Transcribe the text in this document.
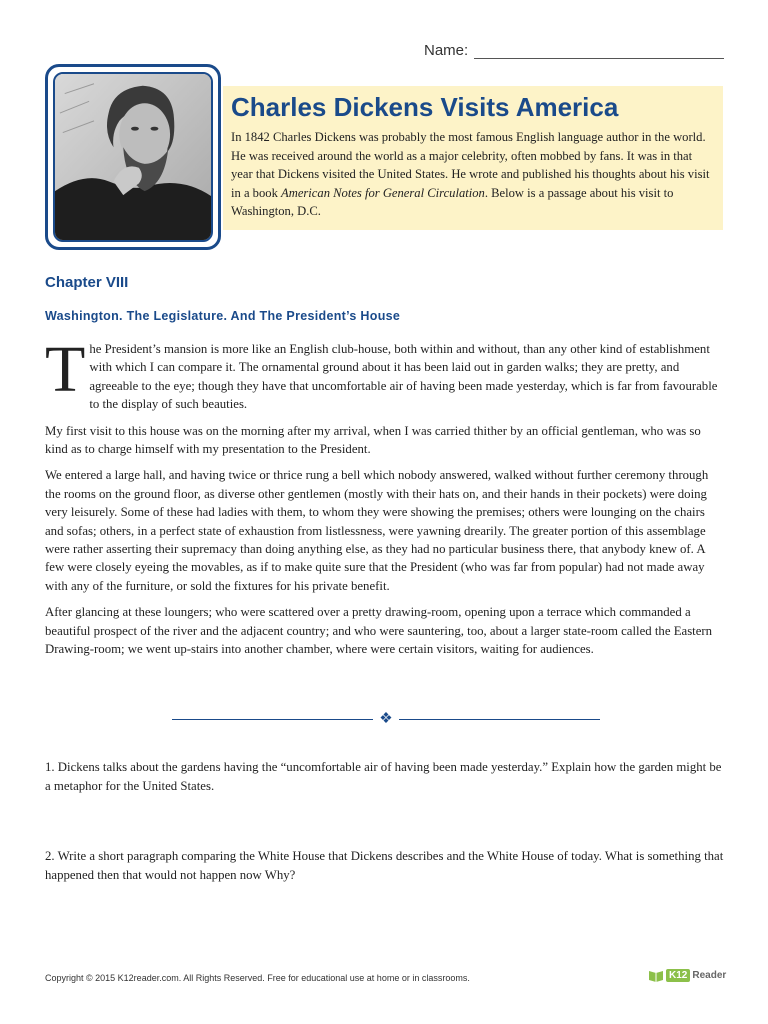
Name:
Charles Dickens Visits America

In 1842 Charles Dickens was probably the most famous English language author in the world. He was received around the world as a major celebrity, often mobbed by fans. It was in that year that Dickens visited the United States. He wrote and published his thoughts about his visit in a book American Notes for General Circulation. Below is a passage about his visit to Washington, D.C.

Chapter VIII
Washington. The Legislature. And The President’s House

The President’s mansion is more like an English club-house, both within and without, than any other kind of establishment with which I can compare it. The ornamental ground about it has been laid out in garden walks; they are pretty, and agreeable to the eye; though they have that uncomfortable air of having been made yesterday, which is far from favourable to the display of such beauties.

My first visit to this house was on the morning after my arrival, when I was carried thither by an official gentleman, who was so kind as to charge himself with my presentation to the President.

We entered a large hall, and having twice or thrice rung a bell which nobody answered, walked without further ceremony through the rooms on the ground floor, as diverse other gentlemen (mostly with their hats on, and their hands in their pockets) were doing very leisurely. Some of these had ladies with them, to whom they were showing the premises; others were lounging on the chairs and sofas; others, in a perfect state of exhaustion from listlessness, were yawning drearily. The greater portion of this assemblage were rather asserting their supremacy than doing anything else, as they had no particular business there, that anybody knew of. A few were closely eyeing the movables, as if to make quite sure that the President (who was far from popular) had not made away with any of the furniture, or sold the fixtures for his private benefit.

After glancing at these loungers; who were scattered over a pretty drawing-room, opening upon a terrace which commanded a beautiful prospect of the river and the adjacent country; and who were sauntering, too, about a larger state-room called the Eastern Drawing-room; we went up-stairs into another chamber, where were certain visitors, waiting for audiences.

❖
1. Dickens talks about the gardens having the “uncomfortable air of having been made yesterday.” Explain how the garden might be a metaphor for the United States.
2. Write a short paragraph comparing the White House that Dickens describes and the White House of today. What is something that happened then that would not happen now Why?
Copyright © 2015 K12reader.com. All Rights Reserved. Free for educational use at home or in classrooms.	K12 Reader
